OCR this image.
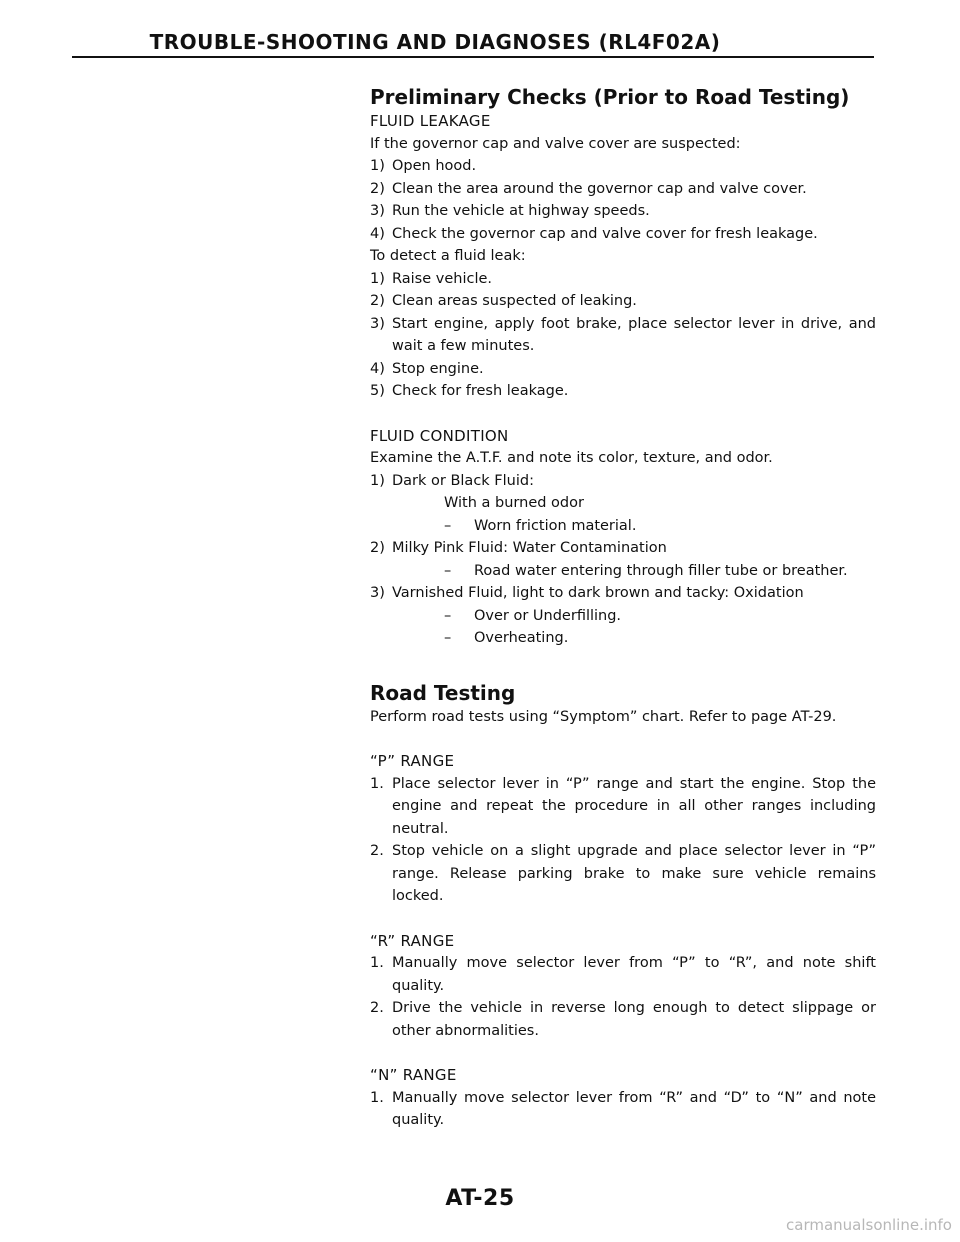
TROUBLE-SHOOTING AND DIAGNOSES (RL4F02A)
Preliminary Checks (Prior to Road Testing)
FLUID LEAKAGE
If the governor cap and valve cover are suspected:
1) Open hood.
2) Clean the area around the governor cap and valve cover.
3) Run the vehicle at highway speeds.
4) Check the governor cap and valve cover for fresh leakage.
To detect a fluid leak:
1) Raise vehicle.
2) Clean areas suspected of leaking.
3) Start engine, apply foot brake, place selector lever in drive, and wait a few minutes.
4) Stop engine.
5) Check for fresh leakage.
FLUID CONDITION
Examine the A.T.F. and note its color, texture, and odor.
1) Dark or Black Fluid:
With a burned odor
–	Worn friction material.
2) Milky Pink Fluid: Water Contamination
–	Road water entering through filler tube or breather.
3) Varnished Fluid, light to dark brown and tacky: Oxidation
–	Over or Underfilling.
–	Overheating.
Road Testing
Perform road tests using “Symptom” chart. Refer to page AT-29.
“P” RANGE
1. Place selector lever in “P” range and start the engine. Stop the engine and repeat the procedure in all other ranges including neutral.
2. Stop vehicle on a slight upgrade and place selector lever in “P” range. Release parking brake to make sure vehicle remains locked.
“R” RANGE
1. Manually move selector lever from “P” to “R”, and note shift quality.
2. Drive the vehicle in reverse long enough to detect slippage or other abnormalities.
“N” RANGE
1. Manually move selector lever from “R” and “D” to “N” and note quality.
AT-25
carmanualsonline.info
